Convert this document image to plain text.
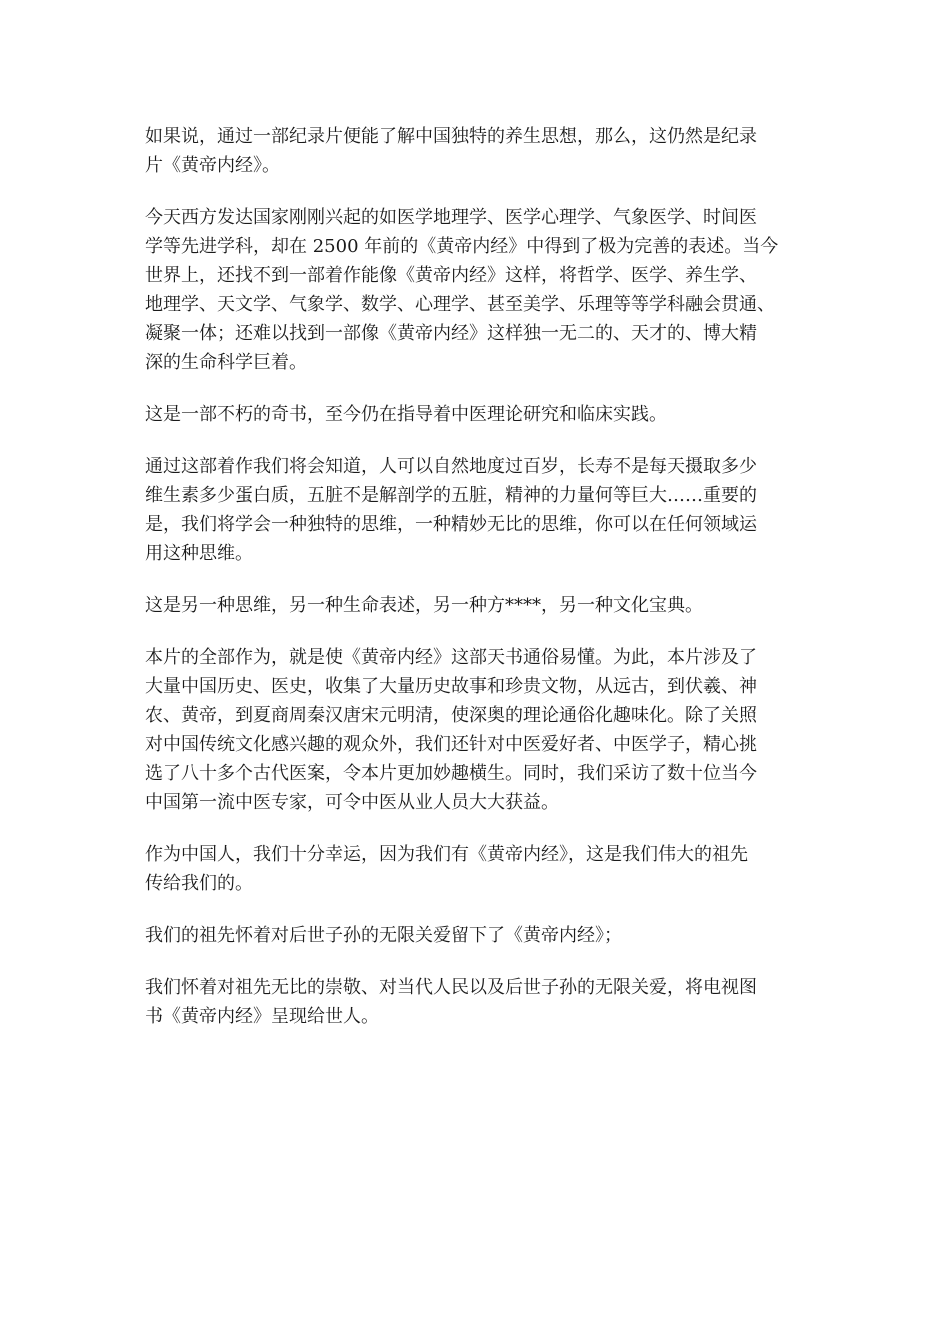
如果说，通过一部纪录片便能了解中国独特的养生思想，那么，这仍然是纪录
片《黄帝内经》。

今天西方发达国家刚刚兴起的如医学地理学、医学心理学、气象医学、时间医
学等先进学科，却在 2500 年前的《黄帝内经》中得到了极为完善的表述。当今
世界上，还找不到一部着作能像《黄帝内经》这样，将哲学、医学、养生学、
地理学、天文学、气象学、数学、心理学、甚至美学、乐理等等学科融会贯通、
凝聚一体；还难以找到一部像《黄帝内经》这样独一无二的、天才的、博大精
深的生命科学巨着。

这是一部不朽的奇书，至今仍在指导着中医理论研究和临床实践。

通过这部着作我们将会知道，人可以自然地度过百岁，长寿不是每天摄取多少
维生素多少蛋白质，五脏不是解剖学的五脏，精神的力量何等巨大……重要的
是，我们将学会一种独特的思维，一种精妙无比的思维，你可以在任何领域运
用这种思维。

这是另一种思维，另一种生命表述，另一种方****，另一种文化宝典。

本片的全部作为，就是使《黄帝内经》这部天书通俗易懂。为此，本片涉及了
大量中国历史、医史，收集了大量历史故事和珍贵文物，从远古，到伏羲、神
农、黄帝，到夏商周秦汉唐宋元明清，使深奥的理论通俗化趣味化。除了关照
对中国传统文化感兴趣的观众外，我们还针对中医爱好者、中医学子，精心挑
选了八十多个古代医案，令本片更加妙趣横生。同时，我们采访了数十位当今
中国第一流中医专家，可令中医从业人员大大获益。

作为中国人，我们十分幸运，因为我们有《黄帝内经》，这是我们伟大的祖先
传给我们的。

我们的祖先怀着对后世子孙的无限关爱留下了《黄帝内经》；

我们怀着对祖先无比的崇敬、对当代人民以及后世子孙的无限关爱，将电视图
书《黄帝内经》呈现给世人。
